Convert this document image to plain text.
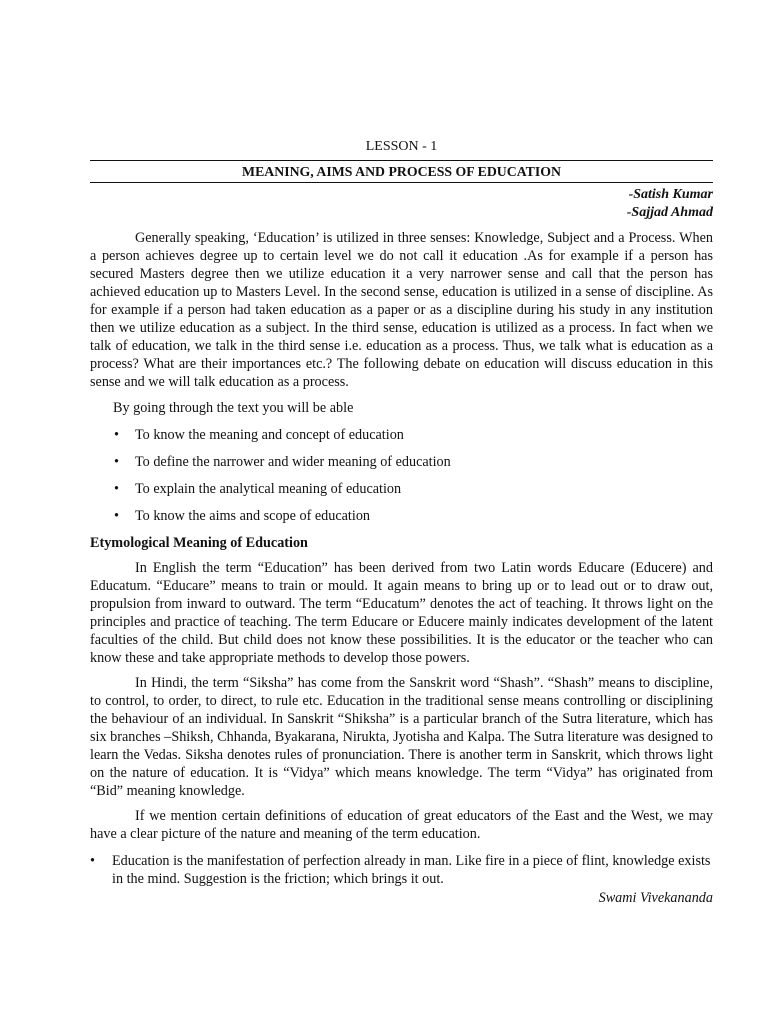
LESSON - 1
MEANING, AIMS AND PROCESS OF EDUCATION
-Satish Kumar
-Sajjad Ahmad

Generally speaking, ‘Education’ is utilized in three senses: Knowledge, Subject and a Process. When a person achieves degree up to certain level we do not call it education .As for example if a person has secured Masters degree then we utilize education it a very narrower sense and call that the person has achieved education up to Masters Level. In the second sense, education is utilized in a sense of discipline. As for example if a person had taken education as a paper or as a discipline during his study in any institution then we utilize education as a subject. In the third sense, education is utilized as a process. In fact when we talk of education, we talk in the third sense i.e. education as a process. Thus, we talk what is education as a process? What are their importances etc.? The following debate on education will discuss education in this sense and we will talk education as a process.

By going through the text you will be able

• To know the meaning and concept of education
• To define the narrower and wider meaning of education
• To explain the analytical meaning of education
• To know the aims and scope of education
Etymological Meaning of Education

In English the term “Education” has been derived from two Latin words Educare (Educere) and Educatum. “Educare” means to train or mould. It again means to bring up or to lead out or to draw out, propulsion from inward to outward. The term “Educatum” denotes the act of teaching. It throws light on the principles and practice of teaching. The term Educare or Educere mainly indicates development of the latent faculties of the child. But child does not know these possibilities. It is the educator or the teacher who can know these and take appropriate methods to develop those powers.

In Hindi, the term “Siksha” has come from the Sanskrit word “Shash”. “Shash” means to discipline, to control, to order, to direct, to rule etc. Education in the traditional sense means controlling or disciplining the behaviour of an individual. In Sanskrit “Shiksha” is a particular branch of the Sutra literature, which has six branches –Shiksh, Chhanda, Byakarana, Nirukta, Jyotisha and Kalpa. The Sutra literature was designed to learn the Vedas. Siksha denotes rules of pronunciation. There is another term in Sanskrit, which throws light on the nature of education. It is “Vidya” which means knowledge. The term “Vidya” has originated from “Bid” meaning knowledge.

If we mention certain definitions of education of great educators of the East and the West, we may have a clear picture of the nature and meaning of the term education.

• Education is the manifestation of perfection already in man. Like fire in a piece of flint, knowledge exists in the mind. Suggestion is the friction; which brings it out.
Swami Vivekananda
